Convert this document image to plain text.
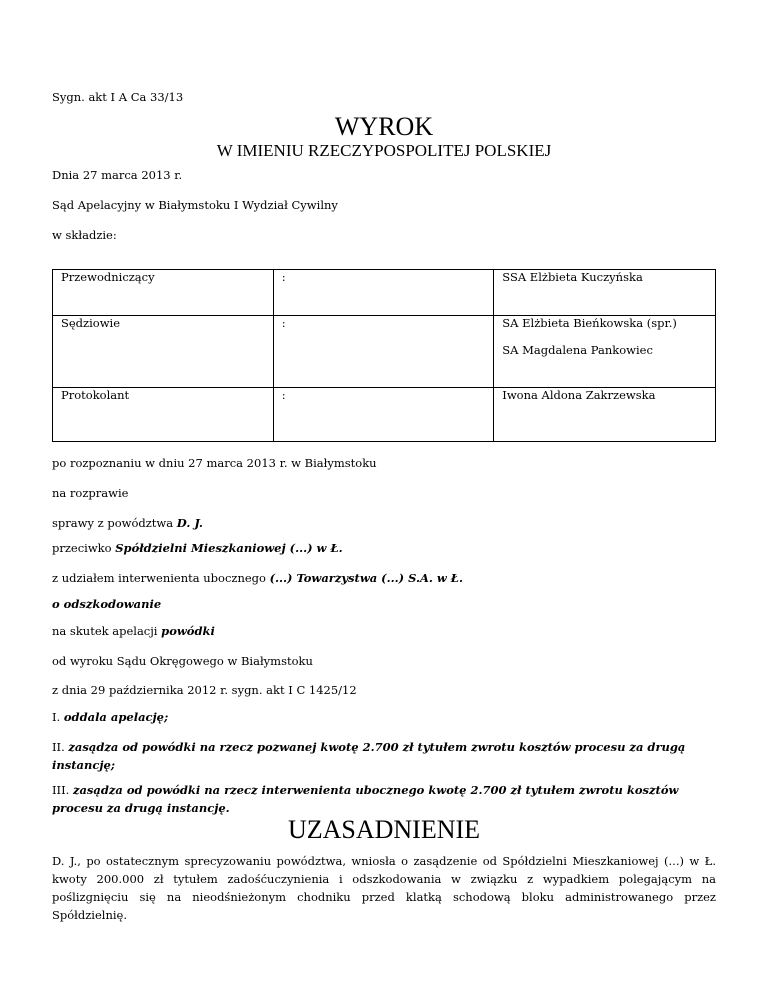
Sygn. akt I A Ca 33/13
WYROK
W IMIENIU RZECZYPOSPOLITEJ POLSKIEJ
Dnia 27 marca 2013 r.
Sąd Apelacyjny w Białymstoku I Wydział Cywilny
w składzie:
Przewodniczący	:	SSA Elżbieta Kuczyńska
Sędziowie	:	SA Elżbieta Bieńkowska (spr.)
SA Magdalena Pankowiec

Protokolant	:	Iwona Aldona Zakrzewska
po rozpoznaniu w dniu 27 marca 2013 r. w Białymstoku
na rozprawie
sprawy z powództwa D. J.
przeciwko Spółdzielni Mieszkaniowej (...) w Ł.
z udziałem interwenienta ubocznego (...) Towarzystwa (...) S.A. w Ł.
o odszkodowanie
na skutek apelacji powódki
od wyroku Sądu Okręgowego w Białymstoku
z dnia 29 października 2012 r. sygn. akt I C 1425/12
I. oddala apelację;
II. zasądza od powódki na rzecz pozwanej kwotę 2.700 zł tytułem zwrotu kosztów procesu za drugą instancję;
III. zasądza od powódki na rzecz interwenienta ubocznego kwotę 2.700 zł tytułem zwrotu kosztów procesu za drugą instancję.
UZASADNIENIE
D. J., po ostatecznym sprecyzowaniu powództwa, wniosła o zasądzenie od Spółdzielni Mieszkaniowej (...) w Ł. kwoty 200.000 zł tytułem zadośćuczynienia i odszkodowania w związku z wypadkiem polegającym na poślizgnięciu się na nieodśnieżonym chodniku przed klatką schodową bloku administrowanego przez Spółdzielnię.
